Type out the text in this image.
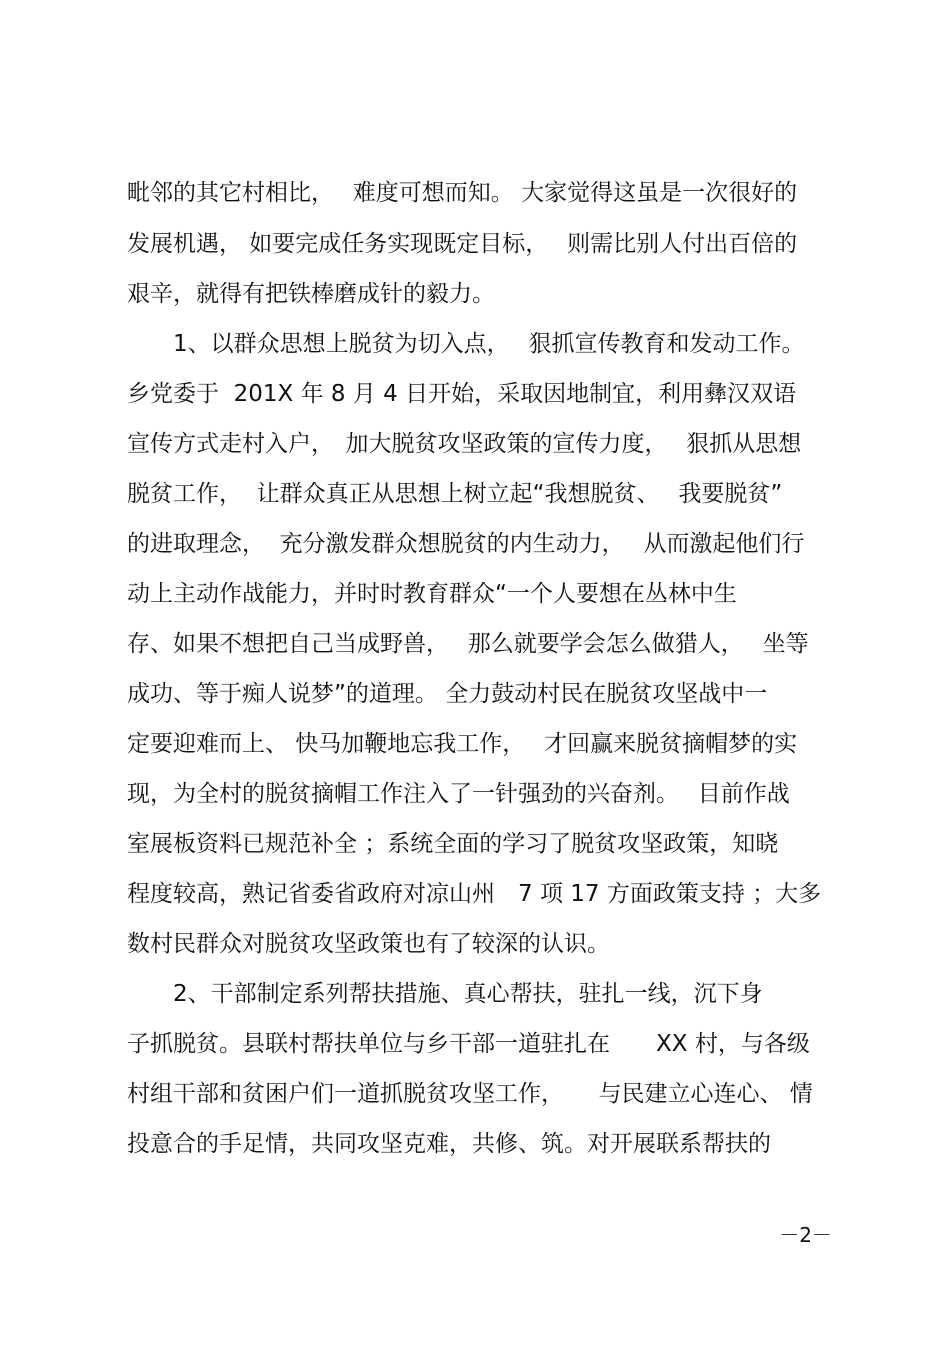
毗邻的其它村相比，　 难度可想而知。 大家觉得这虽是一次很好的
发展机遇， 如要完成任务实现既定目标，　 则需比别人付出百倍的
艰辛，就得有把铁棒磨成针的毅力。
　　1、以群众思想上脱贫为切入点，　 狠抓宣传教育和发动工作。
乡党委于  201X 年 8 月 4 日开始，采取因地制宜，利用彝汉双语
宣传方式走村入户，　加大脱贫攻坚政策的宣传力度，　 狠抓从思想
脱贫工作，  让群众真正从思想上树立起“我想脱贫、　 我要脱贫”
的进取理念，  充分激发群众想脱贫的内生动力，　 从而激起他们行
动上主动作战能力，并时时教育群众“一个人要想在丛林中生
存、如果不想把自己当成野兽，　 那么就要学会怎么做猎人，　 坐等
成功、等于痴人说梦”的道理。 全力鼓动村民在脱贫攻坚战中一
定要迎难而上、 快马加鞭地忘我工作，　 才回赢来脱贫摘帽梦的实
现，为全村的脱贫摘帽工作注入了一针强劲的兴奋剂。　 目前作战
室展板资料已规范补全 ；系统全面的学习了脱贫攻坚政策，知晓
程度较高，熟记省委省政府对凉山州　7 项 17 方面政策支持 ；大多
数村民群众对脱贫攻坚政策也有了较深的认识。
　　2、干部制定系列帮扶措施、真心帮扶，驻扎一线，沉下身
子抓脱贫。县联村帮扶单位与乡干部一道驻扎在　　XX 村，与各级
村组干部和贫困户们一道抓脱贫攻坚工作，　　与民建立心连心、 情
投意合的手足情，共同攻坚克难，共修、筑。对开展联系帮扶的
－2－
